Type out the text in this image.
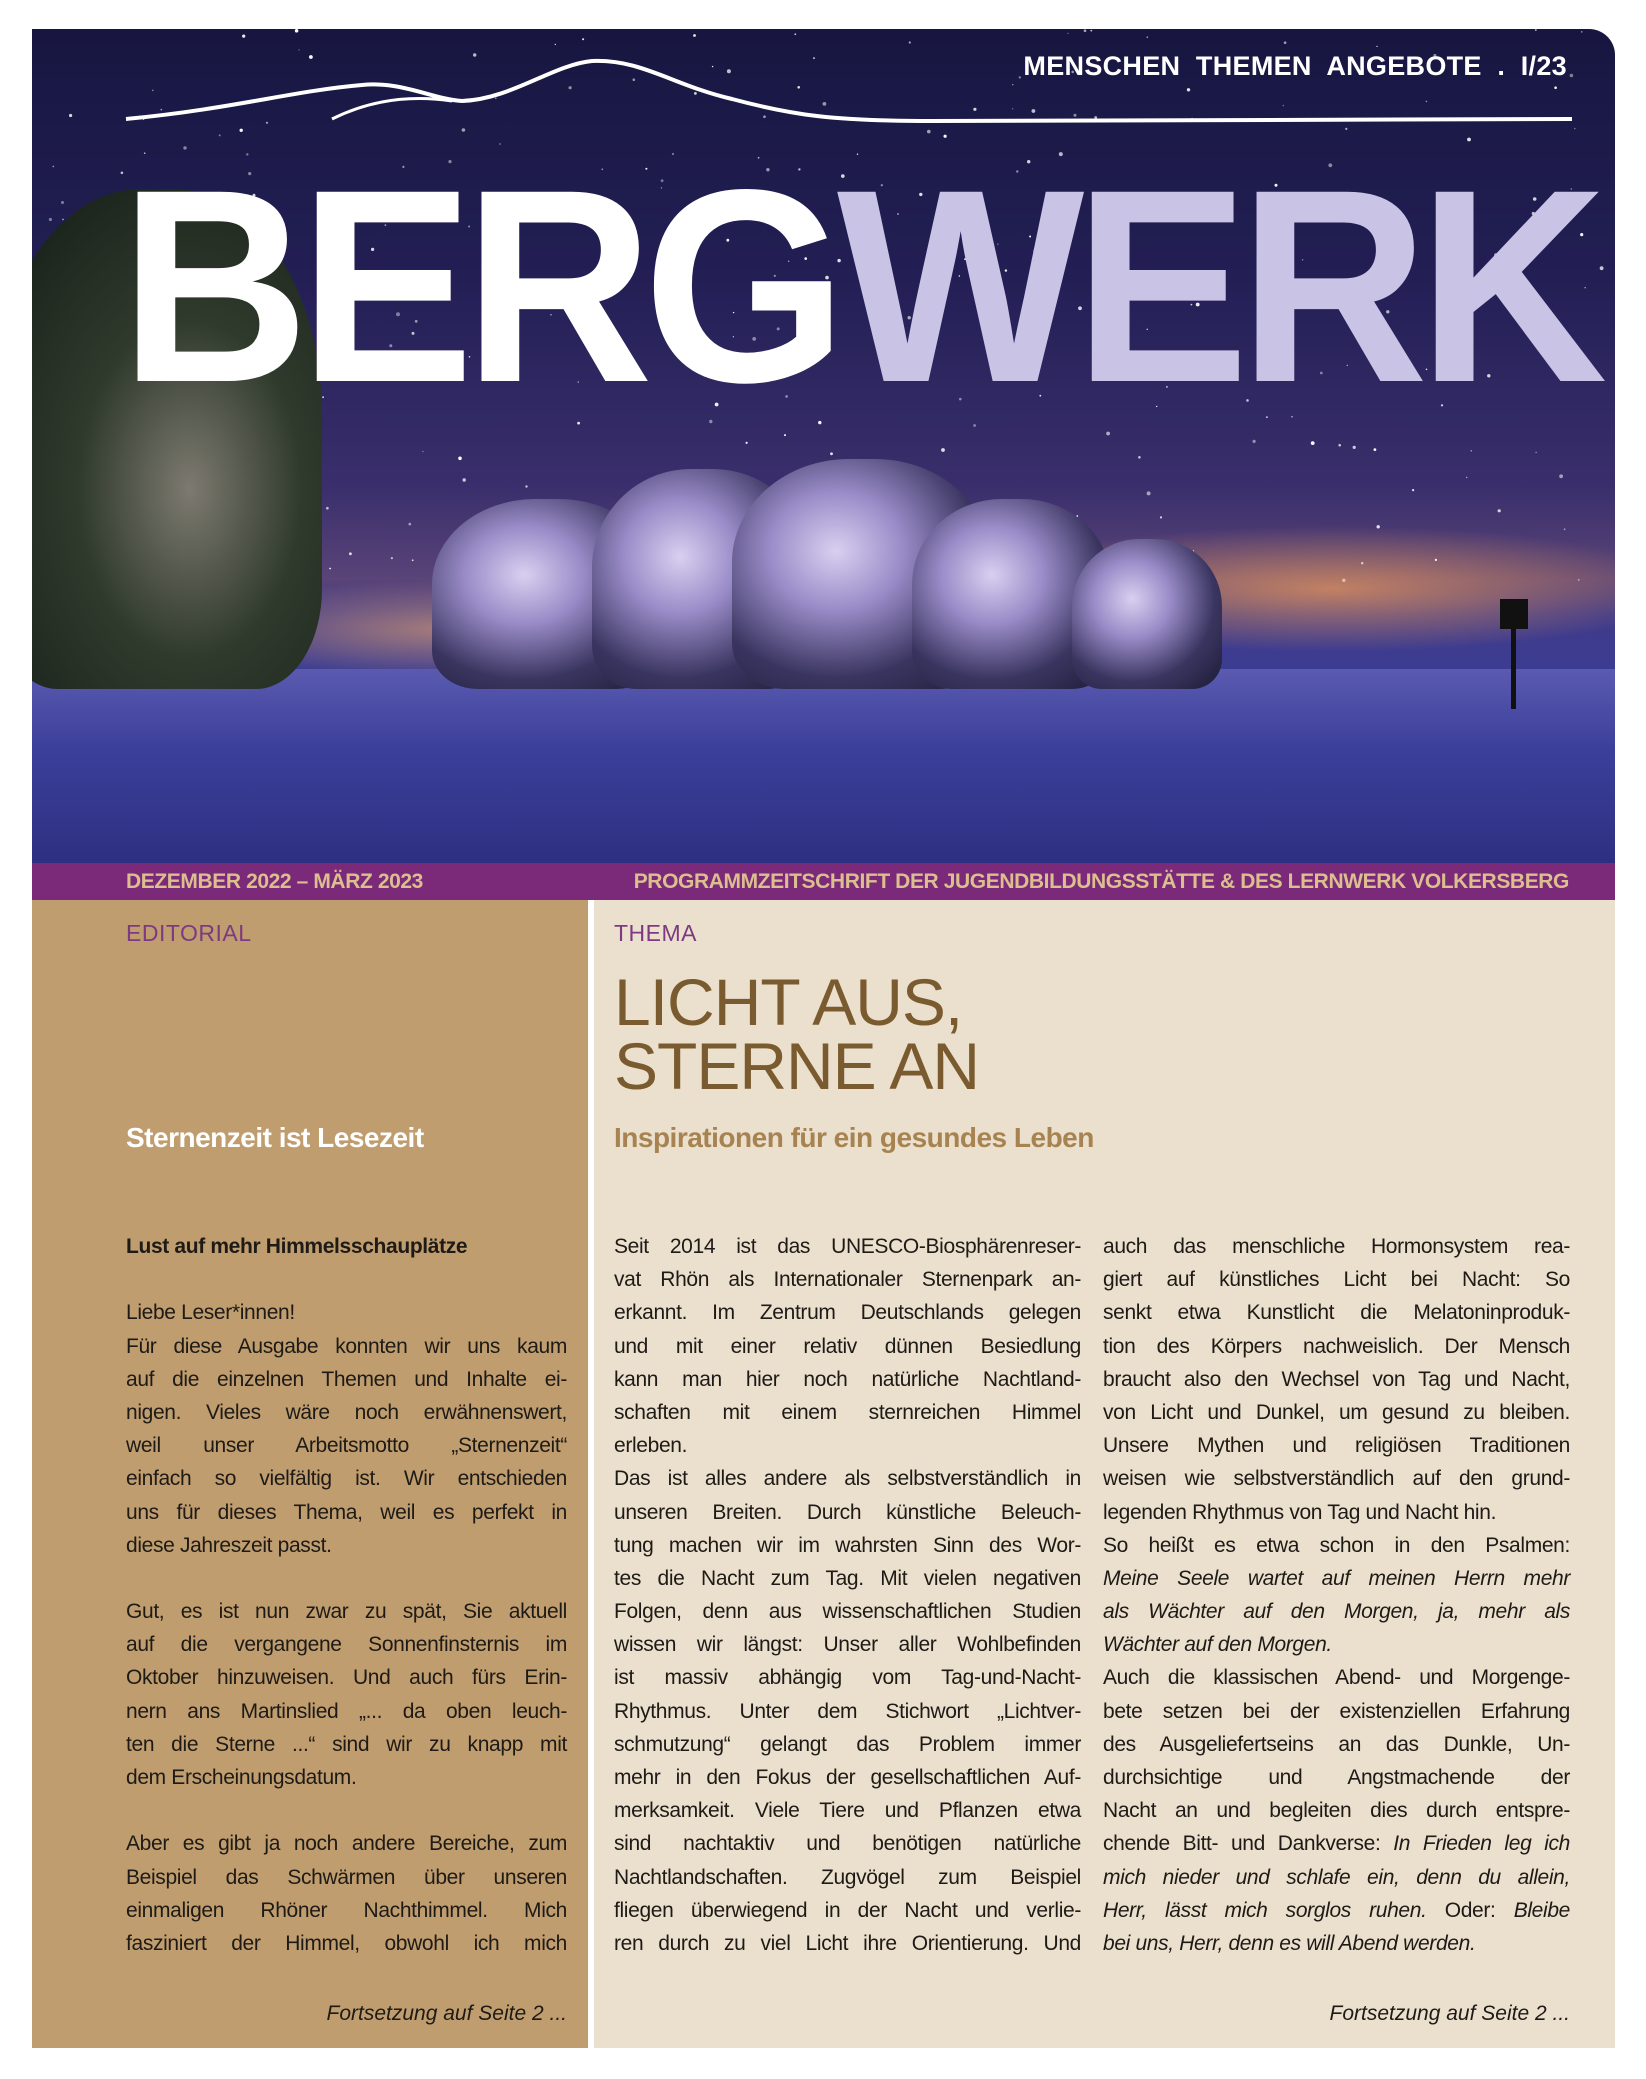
MENSCHEN  THEMEN  ANGEBOTE  .  I/23
BERGWERK
DEZEMBER 2022 – MÄRZ 2023	PROGRAMMZEITSCHRIFT DER JUGENDBILDUNGSSTÄTTE & DES LERNWERK VOLKERSBERG
EDITORIAL
Sternenzeit ist Lesezeit
Lust auf mehr Himmelsschauplätze
Liebe Leser*innen!
Für diese Ausgabe konnten wir uns kaum
auf die einzelnen Themen und Inhalte ei-
nigen. Vieles wäre noch erwähnenswert,
weil unser Arbeitsmotto „Sternenzeit“
einfach so vielfältig ist. Wir entschieden
uns für dieses Thema, weil es perfekt in
diese Jahreszeit passt.
Gut, es ist nun zwar zu spät, Sie aktuell
auf die vergangene Sonnenfinsternis im
Oktober hinzuweisen. Und auch fürs Erin-
nern ans Martinslied „... da oben leuch-
ten die Sterne ...“ sind wir zu knapp mit
dem Erscheinungsdatum.
Aber es gibt ja noch andere Bereiche, zum
Beispiel das Schwärmen über unseren
einmaligen Rhöner Nachthimmel. Mich
fasziniert der Himmel, obwohl ich mich
Fortsetzung auf Seite 2 ...
THEMA
LICHT AUS,
STERNE AN
Inspirationen für ein gesundes Leben
Seit 2014 ist das UNESCO-Biosphärenreser-
vat Rhön als Internationaler Sternenpark an-
erkannt. Im Zentrum Deutschlands gelegen
und mit einer relativ dünnen Besiedlung
kann man hier noch natürliche Nachtland-
schaften mit einem sternreichen Himmel
erleben.
Das ist alles andere als selbstverständlich in
unseren Breiten. Durch künstliche Beleuch-
tung machen wir im wahrsten Sinn des Wor-
tes die Nacht zum Tag. Mit vielen negativen
Folgen, denn aus wissenschaftlichen Studien
wissen wir längst: Unser aller Wohlbefinden
ist massiv abhängig vom Tag-und-Nacht-
Rhythmus. Unter dem Stichwort „Lichtver-
schmutzung“ gelangt das Problem immer
mehr in den Fokus der gesellschaftlichen Auf-
merksamkeit. Viele Tiere und Pflanzen etwa
sind nachtaktiv und benötigen natürliche
Nachtlandschaften. Zugvögel zum Beispiel
fliegen überwiegend in der Nacht und verlie-
ren durch zu viel Licht ihre Orientierung. Und
auch das menschliche Hormonsystem rea-
giert auf künstliches Licht bei Nacht: So
senkt etwa Kunstlicht die Melatoninproduk-
tion des Körpers nachweislich. Der Mensch
braucht also den Wechsel von Tag und Nacht,
von Licht und Dunkel, um gesund zu bleiben.
Unsere Mythen und religiösen Traditionen
weisen wie selbstverständlich auf den grund-
legenden Rhythmus von Tag und Nacht hin.
So heißt es etwa schon in den Psalmen:
Meine Seele wartet auf meinen Herrn mehr
als Wächter auf den Morgen, ja, mehr als
Wächter auf den Morgen.
Auch die klassischen Abend- und Morgenge-
bete setzen bei der existenziellen Erfahrung
des Ausgeliefertseins an das Dunkle, Un-
durchsichtige und Angstmachende der
Nacht an und begleiten dies durch entspre-
chende Bitt- und Dankverse: In Frieden leg ich
mich nieder und schlafe ein, denn du allein,
Herr, lässt mich sorglos ruhen. Oder: Bleibe
bei uns, Herr, denn es will Abend werden.
Fortsetzung auf Seite 2 ...
